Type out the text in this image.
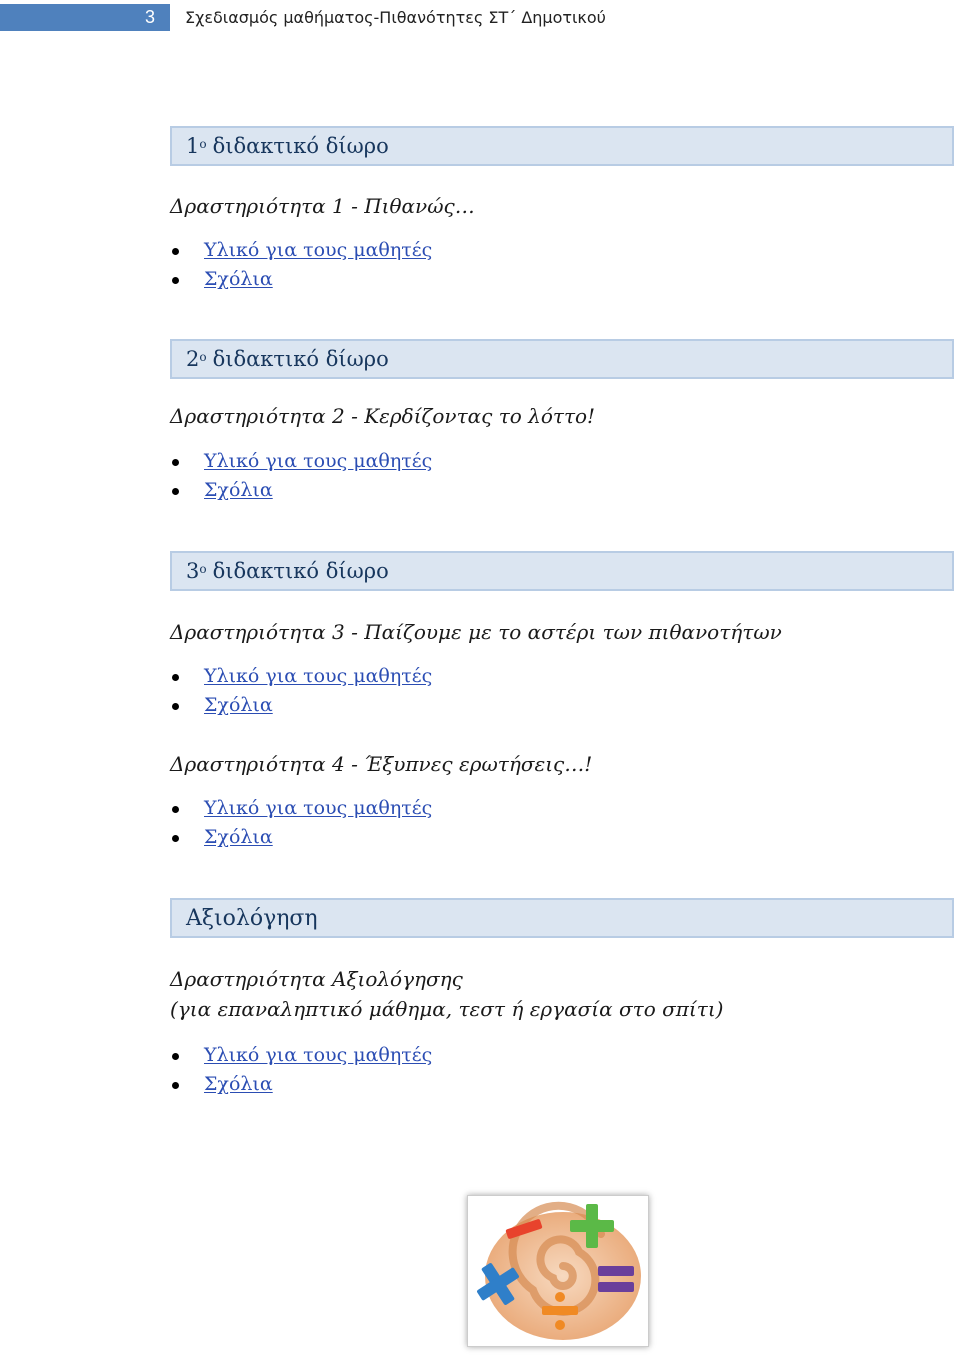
3	Σχεδιασμός μαθήματος-Πιθανότητες ΣΤ΄ Δημοτικού
$1^o$ διδακτικό δίωρο
Δραστηριότητα 1 - Πιθανώς…
Υλικό για τους μαθητές
Σχόλια
$2^o$ διδακτικό δίωρο
Δραστηριότητα 2 - Κερδίζοντας το λόττο!
Υλικό για τους μαθητές
Σχόλια
$3^o$ διδακτικό δίωρο
Δραστηριότητα 3 - Παίζουμε με το αστέρι των πιθανοτήτων
Υλικό για τους μαθητές
Σχόλια
Δραστηριότητα 4 - Έξυπνες ερωτήσεις…!
Υλικό για τους μαθητές
Σχόλια
Αξιολόγηση
Δραστηριότητα Αξιολόγησης
(για επαναληπτικό μάθημα, τεστ ή εργασία στο σπίτι)
Υλικό για τους μαθητές
Σχόλια
